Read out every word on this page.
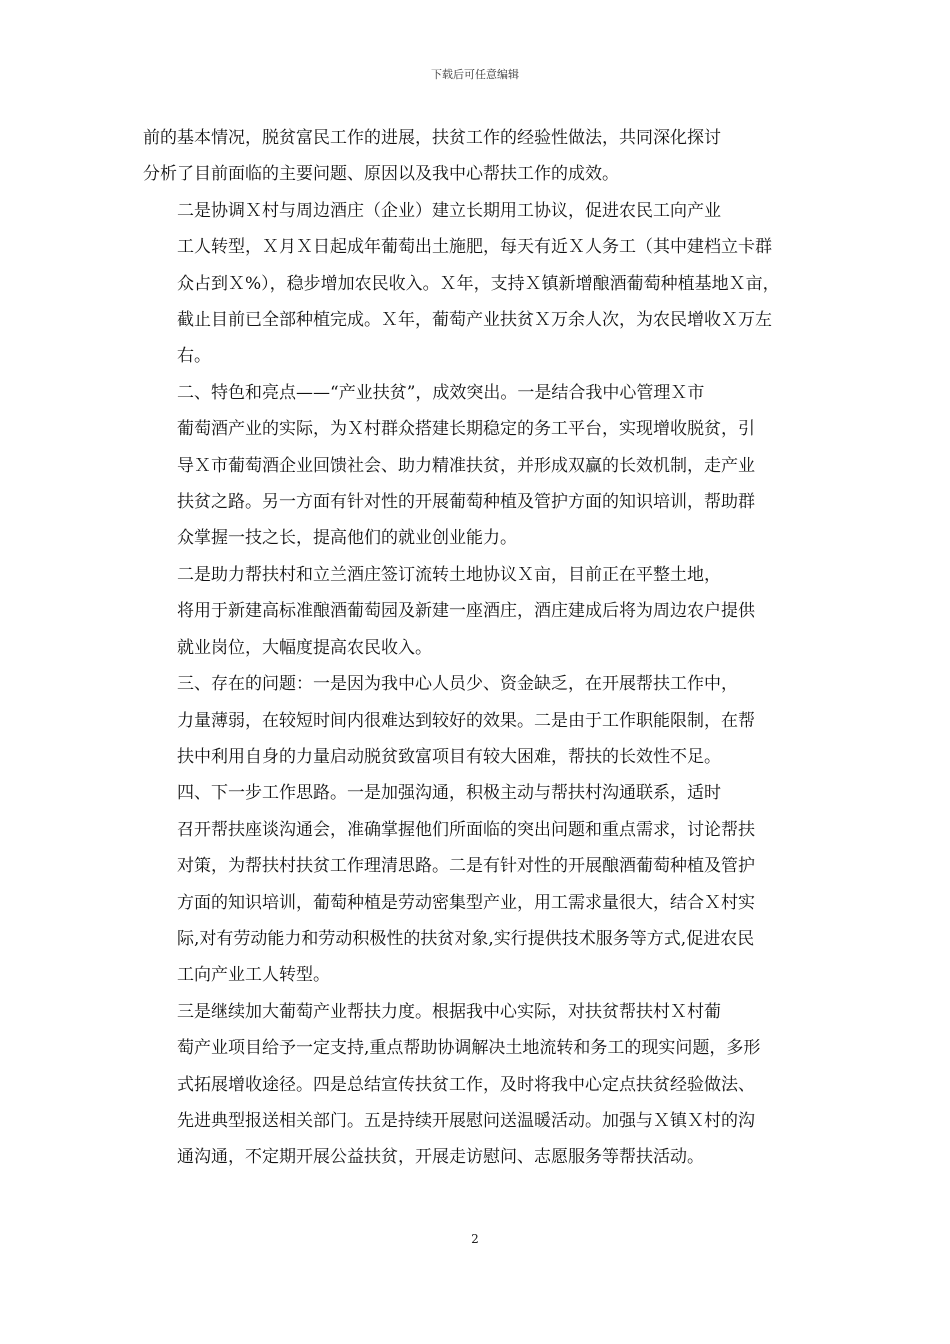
下载后可任意编辑

前的基本情况，脱贫富民工作的进展，扶贫工作的经验性做法，共同深化探讨
分析了目前面临的主要问题、原因以及我中心帮扶工作的成效。

二是协调Ｘ村与周边酒庄（企业）建立长期用工协议，促进农民工向产业
工人转型，Ｘ月Ｘ日起成年葡萄出土施肥，每天有近Ｘ人务工（其中建档立卡群
众占到Ｘ%），稳步增加农民收入。Ｘ年，支持Ｘ镇新增酿酒葡萄种植基地Ｘ亩，
截止目前已全部种植完成。Ｘ年，葡萄产业扶贫Ｘ万余人次，为农民增收Ｘ万左
右。

二、特色和亮点——“产业扶贫”，成效突出。一是结合我中心管理Ｘ市
葡萄酒产业的实际，为Ｘ村群众搭建长期稳定的务工平台，实现增收脱贫，引
导Ｘ市葡萄酒企业回馈社会、助力精准扶贫，并形成双赢的长效机制，走产业
扶贫之路。另一方面有针对性的开展葡萄种植及管护方面的知识培训，帮助群
众掌握一技之长，提高他们的就业创业能力。

二是助力帮扶村和立兰酒庄签订流转土地协议Ｘ亩，目前正在平整土地，
将用于新建高标准酿酒葡萄园及新建一座酒庄，酒庄建成后将为周边农户提供
就业岗位，大幅度提高农民收入。

三、存在的问题：一是因为我中心人员少、资金缺乏，在开展帮扶工作中，
力量薄弱，在较短时间内很难达到较好的效果。二是由于工作职能限制，在帮
扶中利用自身的力量启动脱贫致富项目有较大困难，帮扶的长效性不足。

四、下一步工作思路。一是加强沟通，积极主动与帮扶村沟通联系，适时
召开帮扶座谈沟通会，准确掌握他们所面临的突出问题和重点需求，讨论帮扶
对策，为帮扶村扶贫工作理清思路。二是有针对性的开展酿酒葡萄种植及管护
方面的知识培训，葡萄种植是劳动密集型产业，用工需求量很大，结合Ｘ村实
际,对有劳动能力和劳动积极性的扶贫对象,实行提供技术服务等方式,促进农民
工向产业工人转型。

三是继续加大葡萄产业帮扶力度。根据我中心实际，对扶贫帮扶村Ｘ村葡
萄产业项目给予一定支持,重点帮助协调解决土地流转和务工的现实问题，多形
式拓展增收途径。四是总结宣传扶贫工作，及时将我中心定点扶贫经验做法、
先进典型报送相关部门。五是持续开展慰问送温暖活动。加强与Ｘ镇Ｘ村的沟
通沟通，不定期开展公益扶贫，开展走访慰问、志愿服务等帮扶活动。

2
